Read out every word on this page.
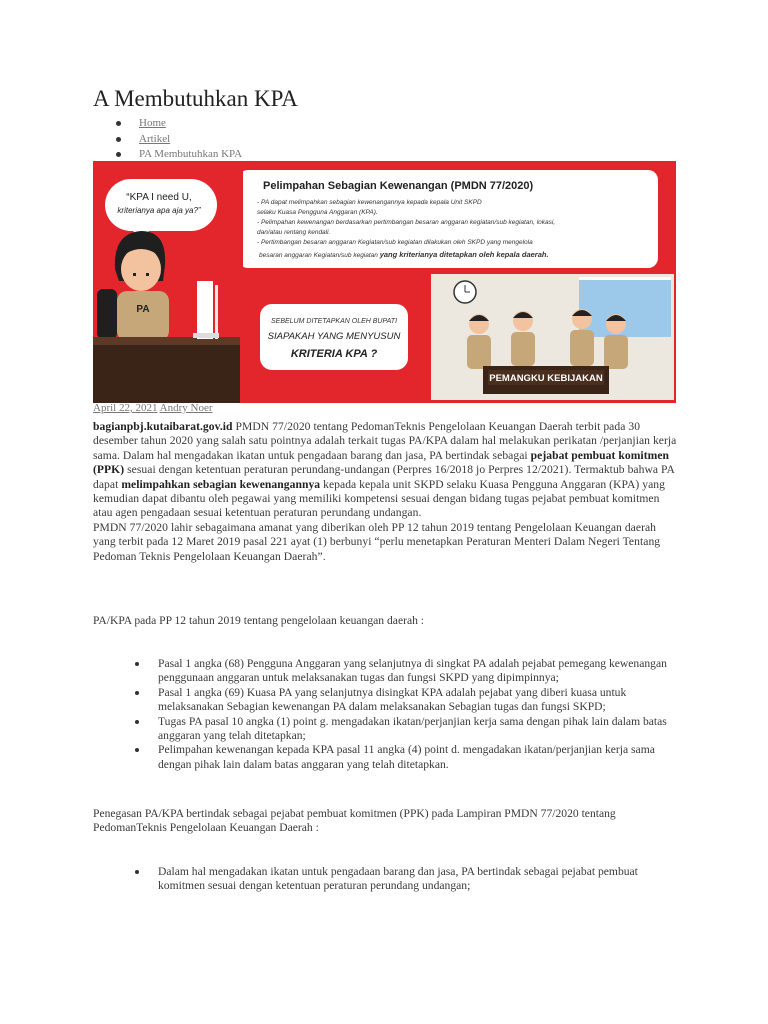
A Membutuhkan KPA
Home
Artikel
PA Membutuhkan KPA
“KPA I need U,
kriterianya apa aja ya?”
PA
Pelimpahan Sebagian Kewenangan (PMDN 77/2020)
- PA dapat melimpahkan sebagian kewenangannya kepada kepala Unit SKPD
selaku Kuasa Pengguna Anggaran (KPA).
- Pelimpahan kewenangan berdasarkan pertimbangan besaran anggaran kegiatan/sub kegiatan, lokasi,
dan/atau rentang kendali.
- Pertimbangan besaran anggaran Kegiatan/sub kegiatan dilakukan oleh SKPD yang mengelola
besaran anggaran Kegiatan/sub kegiatan yang kriterianya ditetapkan oleh kepala daerah.
SEBELUM DITETAPKAN OLEH BUPATI
SIAPAKAH YANG MENYUSUN
KRITERIA KPA ?
PEMANGKU KEBIJAKAN
April 22, 2021 Andry Noer

bagianpbj.kutaibarat.gov.id PMDN 77/2020 tentang PedomanTeknis Pengelolaan Keuangan Daerah terbit pada 30 desember tahun 2020 yang salah satu pointnya adalah terkait tugas PA/KPA dalam hal melakukan perikatan /perjanjian kerja sama. Dalam hal mengadakan ikatan untuk pengadaan barang dan jasa, PA bertindak sebagai pejabat pembuat komitmen (PPK) sesuai dengan ketentuan peraturan perundang-undangan (Perpres 16/2018 jo Perpres 12/2021). Termaktub bahwa PA dapat melimpahkan sebagian kewenangannya kepada kepala unit SKPD selaku Kuasa Pengguna Anggaran (KPA) yang kemudian dapat dibantu oleh pegawai yang memiliki kompetensi sesuai dengan bidang tugas pejabat pembuat komitmen atau agen pengadaan sesuai ketentuan peraturan perundang undangan.

PMDN 77/2020 lahir sebagaimana amanat yang diberikan oleh PP 12 tahun 2019 tentang Pengelolaan Keuangan daerah yang terbit pada 12 Maret 2019 pasal 221 ayat (1) berbunyi “perlu menetapkan Peraturan Menteri Dalam Negeri Tentang Pedoman Teknis Pengelolaan Keuangan Daerah”.

PA/KPA pada PP 12 tahun 2019 tentang pengelolaan keuangan daerah :
Pasal 1 angka (68) Pengguna Anggaran yang selanjutnya di singkat PA adalah pejabat pemegang kewenangan penggunaan anggaran untuk melaksanakan tugas dan fungsi SKPD yang dipimpinnya;
Pasal 1 angka (69) Kuasa PA yang selanjutnya disingkat KPA adalah pejabat yang diberi kuasa untuk melaksanakan Sebagian kewenangan PA dalam melaksanakan Sebagian tugas dan fungsi SKPD;
Tugas PA pasal 10 angka (1) point g. mengadakan ikatan/perjanjian kerja sama dengan pihak lain dalam batas anggaran yang telah ditetapkan;
Pelimpahan kewenangan kepada KPA pasal 11 angka (4) point d. mengadakan ikatan/perjanjian kerja sama dengan pihak lain dalam batas anggaran yang telah ditetapkan.
Penegasan PA/KPA bertindak sebagai pejabat pembuat komitmen (PPK) pada Lampiran PMDN 77/2020 tentang PedomanTeknis Pengelolaan Keuangan Daerah :
Dalam hal mengadakan ikatan untuk pengadaan barang dan jasa, PA bertindak sebagai pejabat pembuat komitmen sesuai dengan ketentuan peraturan perundang undangan;
